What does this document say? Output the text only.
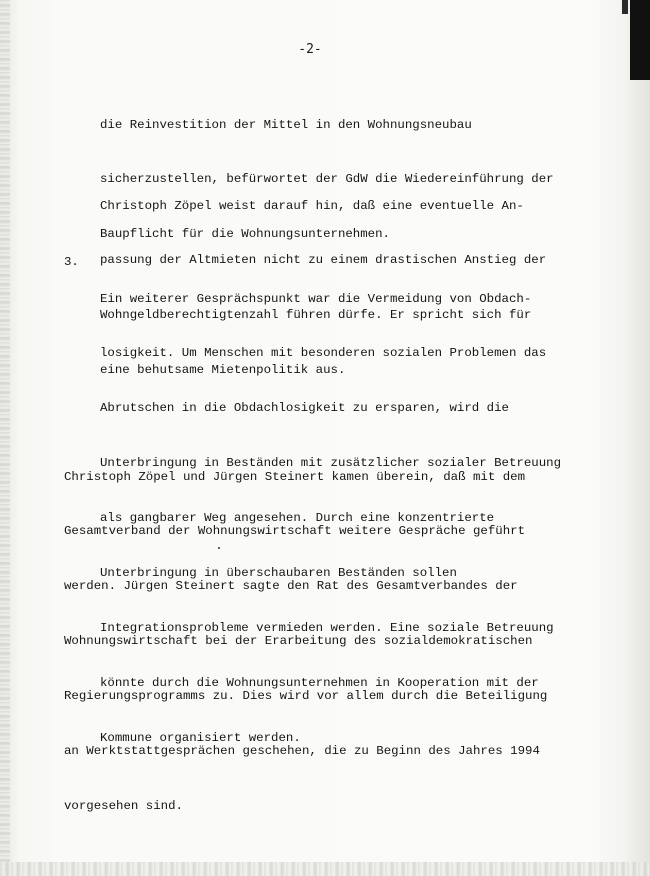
-2-

die Reinvestition der Mittel in den Wohnungsneubau

sicherzustellen, befürwortet der GdW die Wiedereinführung der

Baupflicht für die Wohnungsunternehmen.

Christoph Zöpel weist darauf hin, daß eine eventuelle An-

passung der Altmieten nicht zu einem drastischen Anstieg der

Wohngeldberechtigtenzahl führen dürfe. Er spricht sich für

eine behutsame Mietenpolitik aus.

3.

Ein weiterer Gesprächspunkt war die Vermeidung von Obdach-

losigkeit. Um Menschen mit besonderen sozialen Problemen das

Abrutschen in die Obdachlosigkeit zu ersparen, wird die

Unterbringung in Beständen mit zusätzlicher sozialer Betreuung

als gangbarer Weg angesehen. Durch eine konzentrierte

Unterbringung in überschaubaren Beständen sollen

Integrationsprobleme vermieden werden. Eine soziale Betreuung

könnte durch die Wohnungsunternehmen in Kooperation mit der

Kommune organisiert werden.

Christoph Zöpel und Jürgen Steinert kamen überein, daß mit dem

Gesamtverband der Wohnungswirtschaft weitere Gespräche geführt

werden. Jürgen Steinert sagte den Rat des Gesamtverbandes der

Wohnungswirtschaft bei der Erarbeitung des sozialdemokratischen

Regierungsprogramms zu. Dies wird vor allem durch die Beteiligung

an Werktstattgesprächen geschehen, die zu Beginn des Jahres 1994

vorgesehen sind.
